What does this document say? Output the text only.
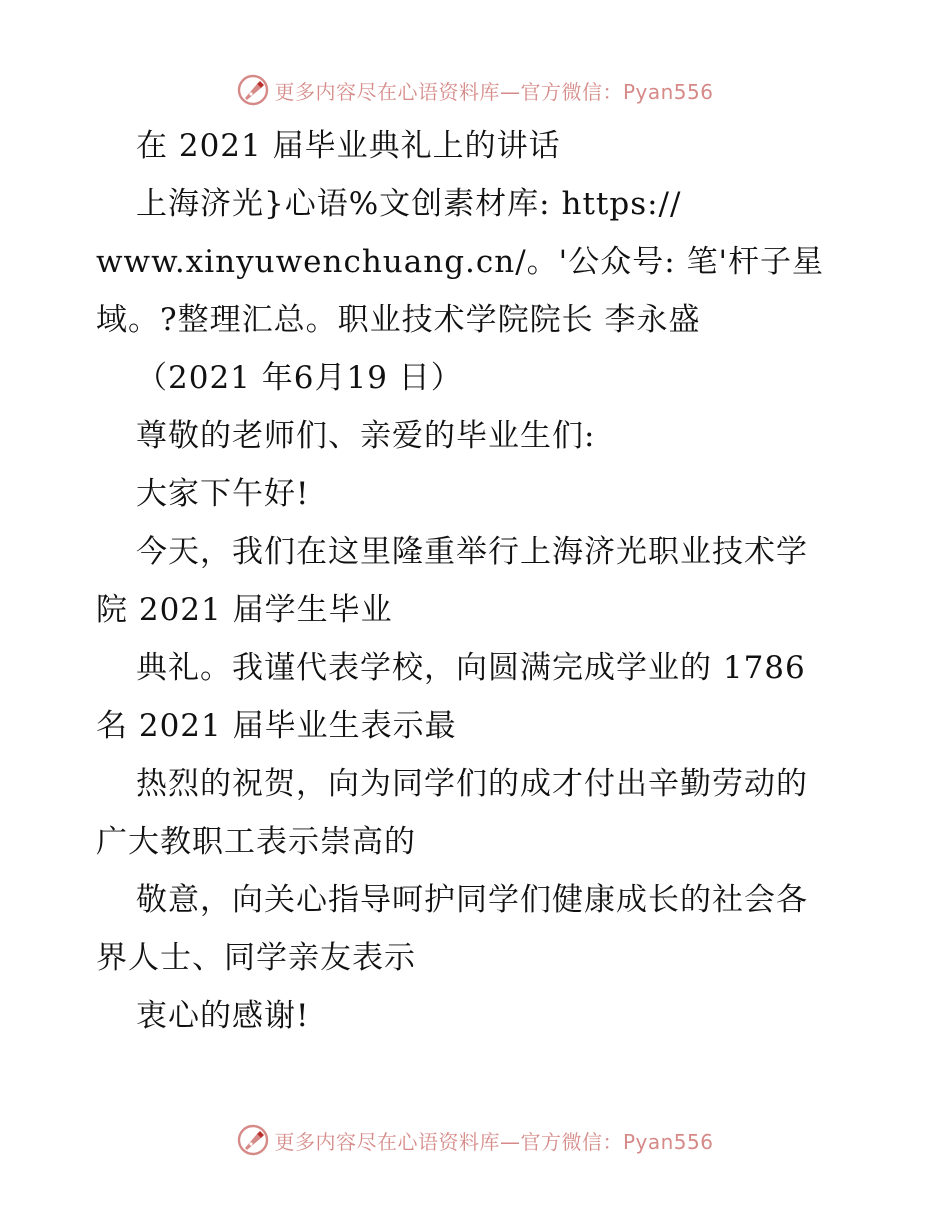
更多内容尽在心语资料库—官方微信：Pyan556
在 2021 届毕业典礼上的讲话
上海济光}心语%文创素材库: https://
www.xinyuwenchuang.cn/。'公众号: 笔'杆子星
域。?整理汇总。职业技术学院院长 李永盛
（2021 年6月19 日）
尊敬的老师们、亲爱的毕业生们:
大家下午好!
今天，我们在这里隆重举行上海济光职业技术学
院 2021 届学生毕业
典礼。我谨代表学校，向圆满完成学业的 1786
名 2021 届毕业生表示最
热烈的祝贺，向为同学们的成才付出辛勤劳动的
广大教职工表示崇高的
敬意，向关心指导呵护同学们健康成长的社会各
界人士、同学亲友表示
衷心的感谢!
更多内容尽在心语资料库—官方微信：Pyan556
